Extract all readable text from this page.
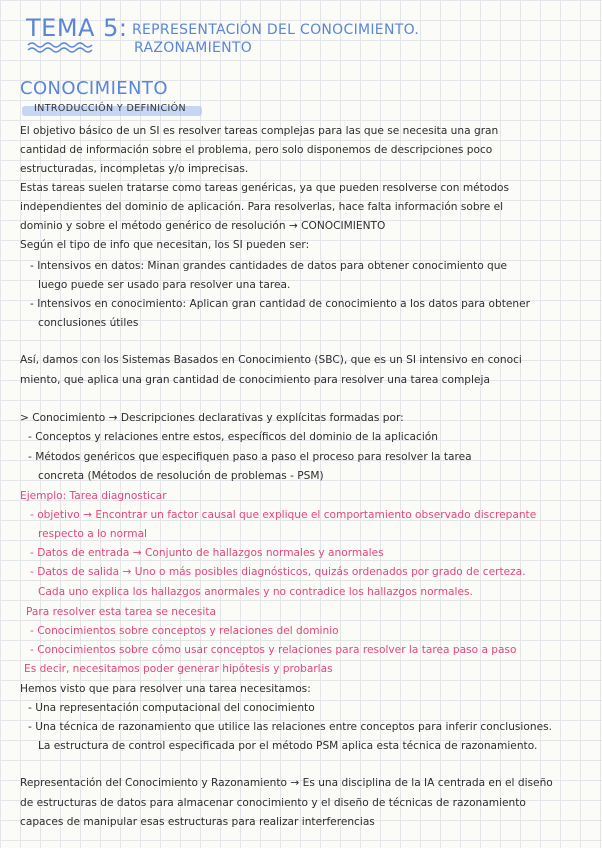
TEMA 5: REPRESENTACIÓN DEL CONOCIMIENTO.
RAZONAMIENTO
CONOCIMIENTO
INTRODUCCIÓN Y DEFINICIÓN
El objetivo básico de un SI es resolver tareas complejas para las que se necesita una gran
cantidad de información sobre el problema, pero solo disponemos de descripciones poco
estructuradas, incompletas y/o imprecisas.
Estas tareas suelen tratarse como tareas genéricas, ya que pueden resolverse con métodos
independientes del dominio de aplicación. Para resolverlas, hace falta información sobre el
dominio y sobre el método genérico de resolución → CONOCIMIENTO
Según el tipo de info que necesitan, los SI pueden ser:
- Intensivos en datos: Minan grandes cantidades de datos para obtener conocimiento que
luego puede ser usado para resolver una tarea.
- Intensivos en conocimiento: Aplican gran cantidad de conocimiento a los datos para obtener
conclusiones útiles
Así, damos con los Sistemas Basados en Conocimiento (SBC), que es un SI intensivo en conoci
miento, que aplica una gran cantidad de conocimiento para resolver una tarea compleja
> Conocimiento → Descripciones declarativas y explícitas formadas por:
- Conceptos y relaciones entre estos, específicos del dominio de la aplicación
- Métodos genéricos que especifiquen paso a paso el proceso para resolver la tarea
concreta (Métodos de resolución de problemas - PSM)
Ejemplo: Tarea diagnosticar
- objetivo → Encontrar un factor causal que explique el comportamiento observado discrepante
respecto a lo normal
- Datos de entrada → Conjunto de hallazgos normales y anormales
- Datos de salida → Uno o más posibles diagnósticos, quizás ordenados por grado de certeza.
Cada uno explica los hallazgos anormales y no contradice los hallazgos normales.
Para resolver esta tarea se necesita
- Conocimientos sobre conceptos y relaciones del dominio
- Conocimientos sobre cómo usar conceptos y relaciones para resolver la tarea paso a paso
Es decir, necesitamos poder generar hipótesis y probarlas
Hemos visto que para resolver una tarea necesitamos:
- Una representación computacional del conocimiento
- Una técnica de razonamiento que utilice las relaciones entre conceptos para inferir conclusiones.
La estructura de control especificada por el método PSM aplica esta técnica de razonamiento.
Representación del Conocimiento y Razonamiento → Es una disciplina de la IA centrada en el diseño
de estructuras de datos para almacenar conocimiento y el diseño de técnicas de razonamiento
capaces de manipular esas estructuras para realizar interferencias
